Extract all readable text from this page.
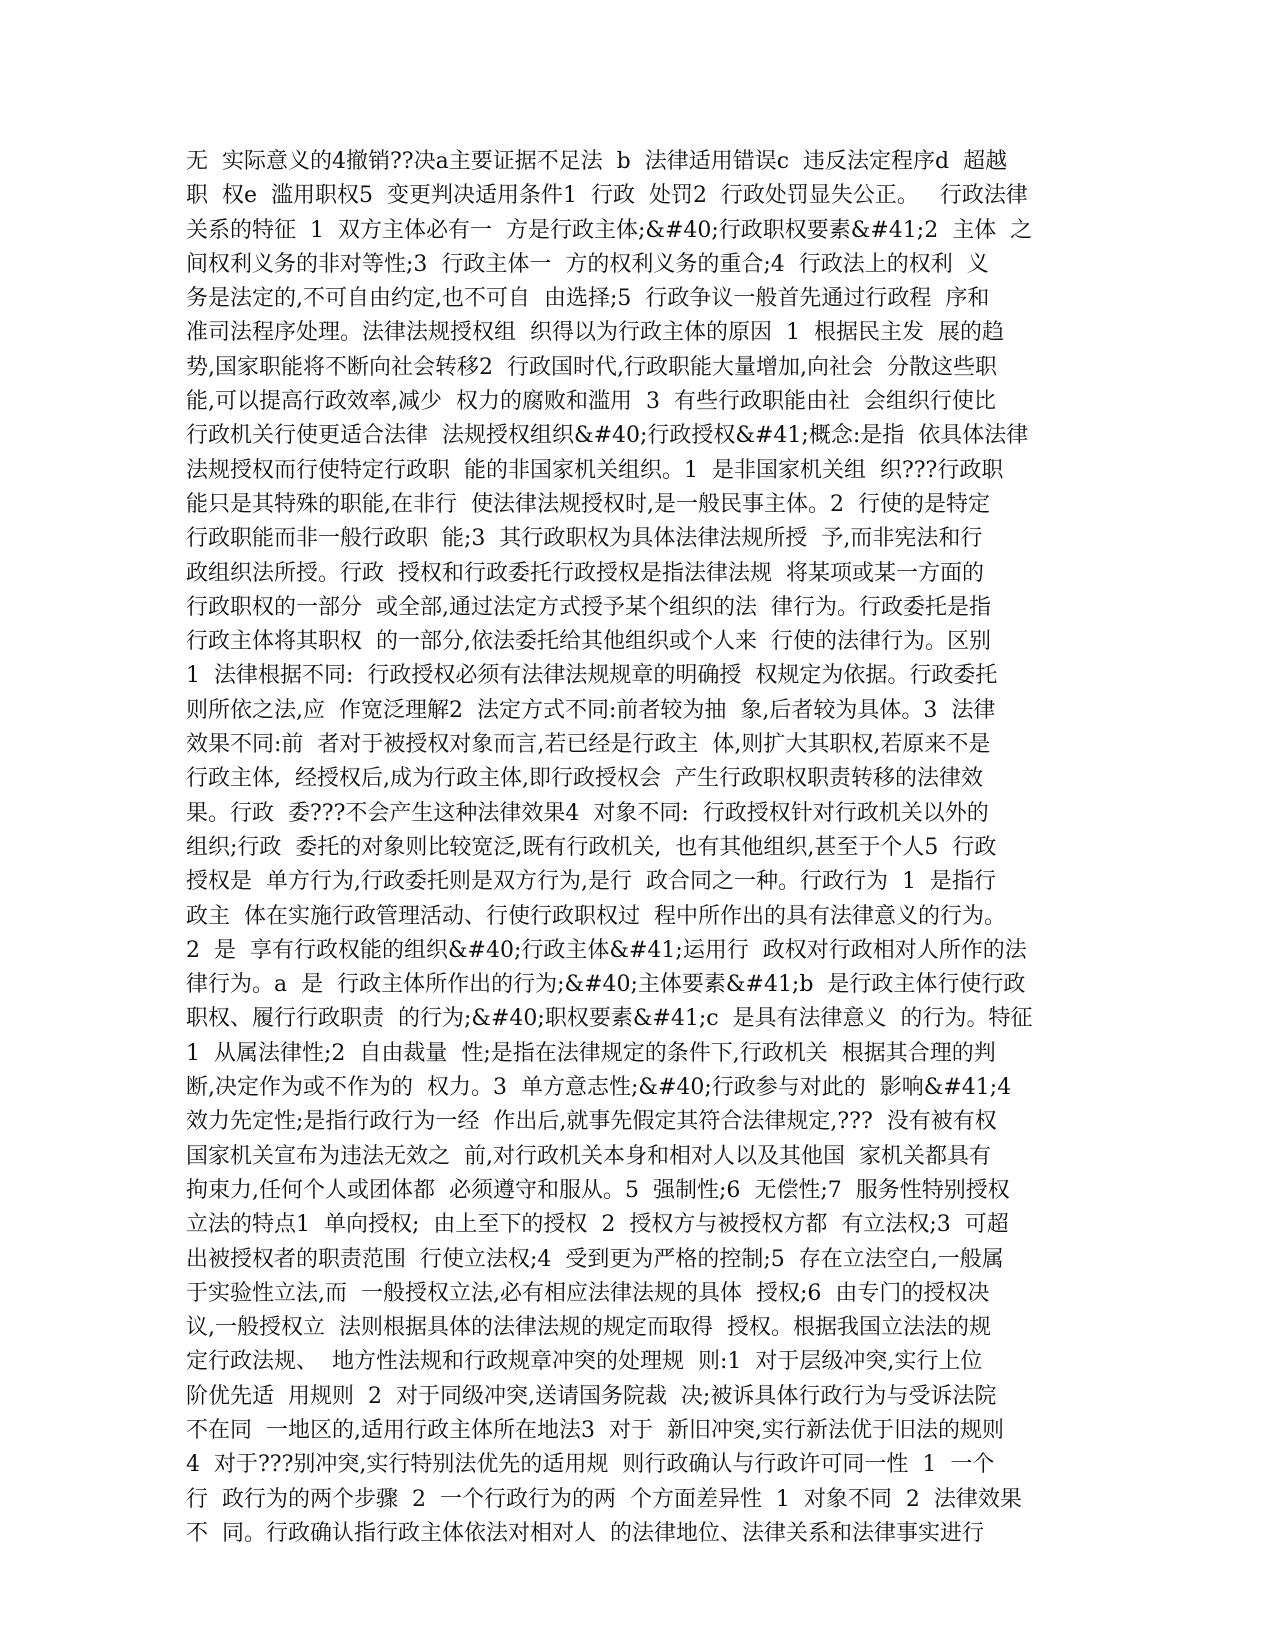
无  实际意义的4撤销??决a主要证据不足法  b  法律适用错误c  违反法定程序d  超越
职  权e  滥用职权5  变更判决适用条件1  行政  处罚2  行政处罚显失公正。   行政法律
关系的特征  1  双方主体必有一  方是行政主体;&#40;行政职权要素&#41;2  主体  之
间权利义务的非对等性;3  行政主体一  方的权利义务的重合;4  行政法上的权利  义
务是法定的,不可自由约定,也不可自  由选择;5  行政争议一般首先通过行政程  序和
准司法程序处理。法律法规授权组  织得以为行政主体的原因  1  根据民主发  展的趋
势,国家职能将不断向社会转移2  行政国时代,行政职能大量增加,向社会  分散这些职
能,可以提高行政效率,减少  权力的腐败和滥用  3  有些行政职能由社  会组织行使比
行政机关行使更适合法律  法规授权组织&#40;行政授权&#41;概念:是指  依具体法律
法规授权而行使特定行政职  能的非国家机关组织。1  是非国家机关组  织???行政职
能只是其特殊的职能,在非行  使法律法规授权时,是一般民事主体。2  行使的是特定
行政职能而非一般行政职  能;3  其行政职权为具体法律法规所授  予,而非宪法和行
政组织法所授。行政  授权和行政委托行政授权是指法律法规  将某项或某一方面的
行政职权的一部分  或全部,通过法定方式授予某个组织的法  律行为。行政委托是指
行政主体将其职权  的一部分,依法委托给其他组织或个人来  行使的法律行为。区别
1  法律根据不同:  行政授权必须有法律法规规章的明确授  权规定为依据。行政委托
则所依之法,应  作宽泛理解2  法定方式不同:前者较为抽  象,后者较为具体。3  法律
效果不同:前  者对于被授权对象而言,若已经是行政主  体,则扩大其职权,若原来不是
行政主体,  经授权后,成为行政主体,即行政授权会  产生行政职权职责转移的法律效
果。行政  委???不会产生这种法律效果4  对象不同:  行政授权针对行政机关以外的
组织;行政  委托的对象则比较宽泛,既有行政机关,  也有其他组织,甚至于个人5  行政
授权是  单方行为,行政委托则是双方行为,是行  政合同之一种。行政行为  1  是指行
政主  体在实施行政管理活动、行使行政职权过  程中所作出的具有法律意义的行为。
2  是  享有行政权能的组织&#40;行政主体&#41;运用行  政权对行政相对人所作的法
律行为。a  是  行政主体所作出的行为;&#40;主体要素&#41;b  是行政主体行使行政
职权、履行行政职责  的行为;&#40;职权要素&#41;c  是具有法律意义  的行为。特征
1  从属法律性;2  自由裁量  性;是指在法律规定的条件下,行政机关  根据其合理的判
断,决定作为或不作为的  权力。3  单方意志性;&#40;行政参与对此的  影响&#41;4
效力先定性;是指行政行为一经  作出后,就事先假定其符合法律规定,???  没有被有权
国家机关宣布为违法无效之  前,对行政机关本身和相对人以及其他国  家机关都具有
拘束力,任何个人或团体都  必须遵守和服从。5  强制性;6  无偿性;7  服务性特别授权
立法的特点1  单向授权;  由上至下的授权  2  授权方与被授权方都  有立法权;3  可超
出被授权者的职责范围  行使立法权;4  受到更为严格的控制;5  存在立法空白,一般属
于实验性立法,而  一般授权立法,必有相应法律法规的具体  授权;6  由专门的授权决
议,一般授权立  法则根据具体的法律法规的规定而取得  授权。根据我国立法法的规
定行政法规、  地方性法规和行政规章冲突的处理规  则:1  对于层级冲突,实行上位
阶优先适  用规则  2  对于同级冲突,送请国务院裁  决;被诉具体行政行为与受诉法院
不在同  一地区的,适用行政主体所在地法3  对于  新旧冲突,实行新法优于旧法的规则
4  对于???别冲突,实行特别法优先的适用规  则行政确认与行政许可同一性  1  一个
行  政行为的两个步骤  2  一个行政行为的两  个方面差异性  1  对象不同  2  法律效果
不  同。行政确认指行政主体依法对相对人  的法律地位、法律关系和法律事实进行
